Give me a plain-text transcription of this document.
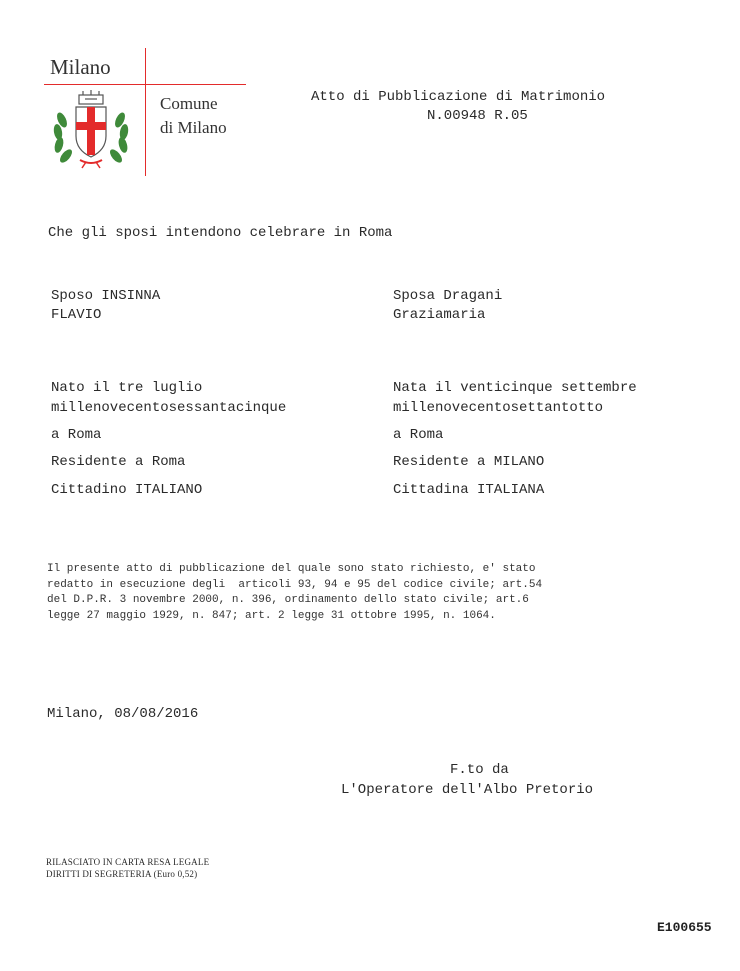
Milano
Comune
di Milano
Atto di Pubblicazione di Matrimonio
N.00948 R.05
Che gli sposi intendono celebrare in Roma
Sposo INSINNA
FLAVIO
Nato il tre luglio
millenovecentosessantacinque
a Roma
Residente a Roma
Cittadino ITALIANO
Sposa Dragani
Graziamaria
Nata il venticinque settembre
millenovecentosettantotto
a Roma
Residente a MILANO
Cittadina ITALIANA
Il presente atto di pubblicazione del quale sono stato richiesto, e' stato
redatto in esecuzione degli  articoli 93, 94 e 95 del codice civile; art.54
del D.P.R. 3 novembre 2000, n. 396, ordinamento dello stato civile; art.6
legge 27 maggio 1929, n. 847; art. 2 legge 31 ottobre 1995, n. 1064.
Milano, 08/08/2016
F.to da
L'Operatore dell'Albo Pretorio
RILASCIATO IN CARTA RESA LEGALE
DIRITTI DI SEGRETERIA (Euro 0,52)
E100655
